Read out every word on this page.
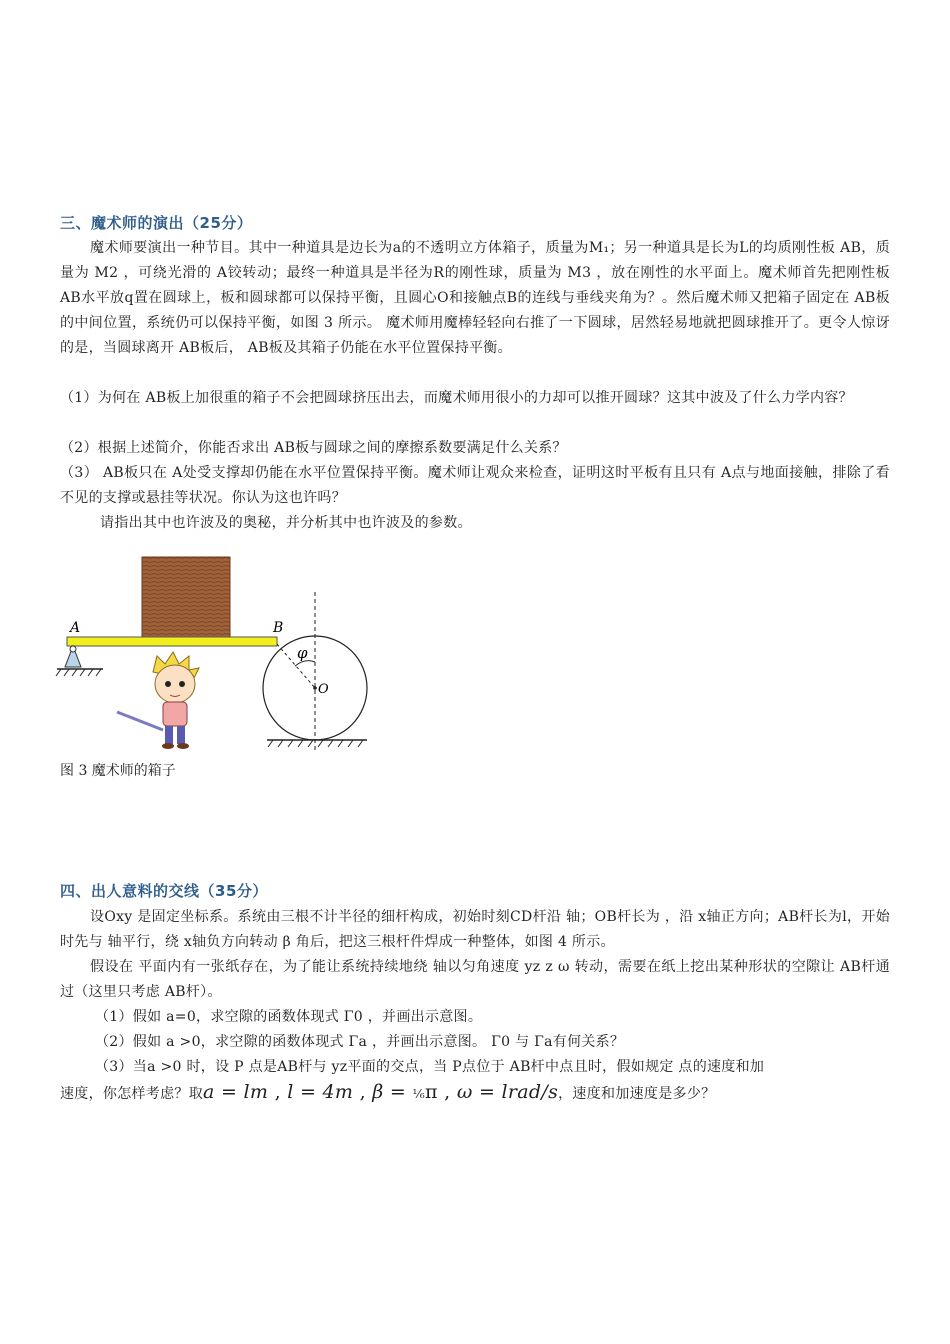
三、魔术师的演出（25分）
魔术师要演出一种节目。其中一种道具是边长为a的不透明立方体箱子，质量为M₁；另一种道具是长为L的均质刚性板 AB，质量为 M2 ，可绕光滑的 A铰转动；最终一种道具是半径为R的刚性球，质量为 M3 ，放在刚性的水平面上。魔术师首先把刚性板 AB水平放q置在圆球上，板和圆球都可以保持平衡，且圆心O和接触点B的连线与垂线夹角为？。然后魔术师又把箱子固定在 AB板的中间位置，系统仍可以保持平衡，如图 3 所示。 魔术师用魔棒轻轻向右推了一下圆球，居然轻易地就把圆球推开了。更令人惊讶的是，当圆球离开 AB板后， AB板及其箱子仍能在水平位置保持平衡。
（1）为何在 AB板上加很重的箱子不会把圆球挤压出去，而魔术师用很小的力却可以推开圆球？这其中波及了什么力学内容？
（2）根据上述简介，你能否求出 AB板与圆球之间的摩擦系数要满足什么关系？
（3） AB板只在 A处受支撑却仍能在水平位置保持平衡。魔术师让观众来检查，证明这时平板有且只有 A点与地面接触，排除了看不见的支撑或悬挂等状况。你认为这也许吗？
请指出其中也许波及的奥秘，并分析其中也许波及的参数。
A	B
φ
O
图 3 魔术师的箱子
四、出人意料的交线（35分）
设Oxy 是固定坐标系。系统由三根不计半径的细杆构成，初始时刻CD杆沿 轴；OB杆长为 ，沿 x轴正方向；AB杆长为l，开始时先与 轴平行，绕 x轴负方向转动 β 角后，把这三根杆件焊成一种整体，如图 4 所示。
假设在 平面内有一张纸存在，为了能让系统持续地绕 轴以匀角速度 yz z ω 转动，需要在纸上挖出某种形状的空隙让 AB杆通过（这里只考虑 AB杆）。
（1）假如 a=0，求空隙的函数体现式 Γ0 ，并画出示意图。
（2）假如 a >0，求空隙的函数体现式 Γa ，并画出示意图。 Γ0 与 Γa有何关系？
（3）当a >0 时，设 P 点是AB杆与 yz平面的交点，当 P点位于 AB杆中点且时，假如规定 点的速度和加
速度，你怎样考虑？取a = lm , l = 4m , β = ¹⁄₆π , ω = lrad/s，速度和加速度是多少？
